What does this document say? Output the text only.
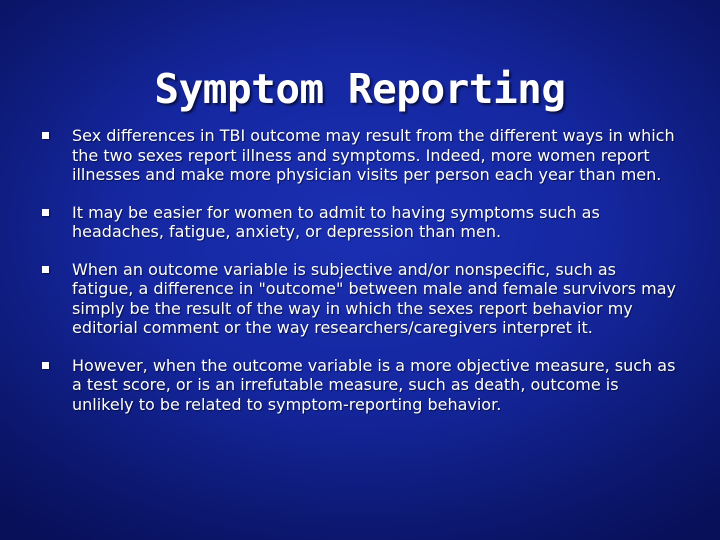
Symptom Reporting
Sex differences in TBI outcome may result from the different ways in which the two sexes report illness and symptoms. Indeed, more women report illnesses and make more physician visits per person each year than men.
It may be easier for women to admit to having symptoms such as headaches, fatigue, anxiety, or depression than men.
When an outcome variable is subjective and/or nonspecific, such as fatigue, a difference in "outcome" between male and female survivors may simply be the result of the way in which the sexes report behavior my editorial comment or the way researchers/caregivers interpret it.
However, when the outcome variable is a more objective measure, such as a test score, or is an irrefutable measure, such as death, outcome is unlikely to be related to symptom-reporting behavior.
